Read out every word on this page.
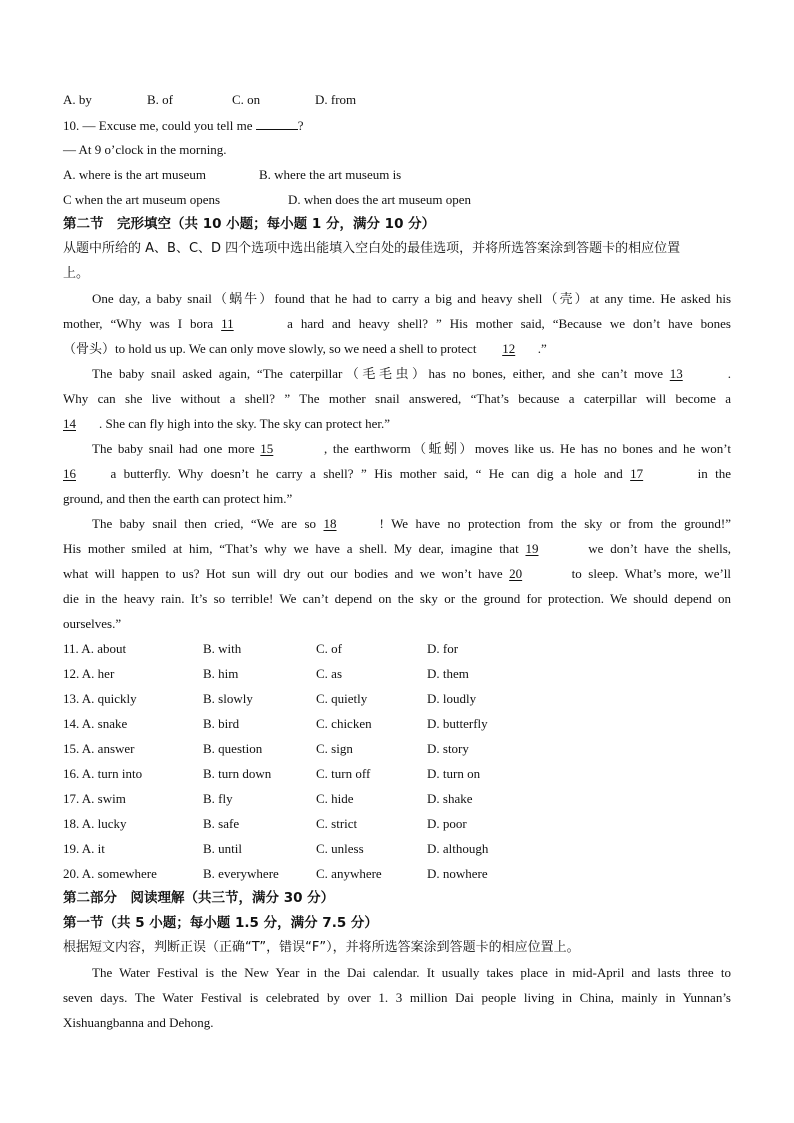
A. by	B. of	C. on	D. from
10. — Excuse me, could you tell me	?
— At 9 o’clock in the morning.
A. where is the art museum	B. where the art museum is
C when the art museum opens	D. when does the art museum open
第二节　完形填空（共 10 小题；每小题 1 分，满分 10 分）
从题中所给的 A、B、C、D 四个选项中选出能填入空白处的最佳选项，并将所选答案涂到答题卡的相应位置
上。
One day, a baby snail（蜗牛）found that he had to carry a big and heavy shell（壳）at any time. He asked his
mother, “Why was I bora 11	a hard and heavy shell? ” His mother said, “Because we don’t have bones
（骨头）to hold us up. We can only move slowly, so we need a shell to protect 12 .”
The baby snail asked again, “The caterpillar（毛毛虫）has no bones, either, and she can’t move 13	.
Why can she live without a shell? ” The mother snail answered, “That’s because a caterpillar will become a
14 . She can fly high into the sky. The sky can protect her.”
The baby snail had one more 15	, the earthworm（蚯蚓）moves like us. He has no bones and he won’t
16	a butterfly. Why doesn’t he carry a shell? ” His mother said, “ He can dig a hole and 17	in the
ground, and then the earth can protect him.”
The baby snail then cried, “We are so 18	! We have no protection from the sky or from the ground!”
His mother smiled at him, “That’s why we have a shell. My dear, imagine that 19	we don’t have the shells,
what will happen to us? Hot sun will dry out our bodies and we won’t have 20	to sleep. What’s more, we’ll
die in the heavy rain. It’s so terrible! We can’t depend on the sky or the ground for protection. We should depend on
ourselves.”
11. A. about	B. with	C. of	D. for
12. A. her	B. him	C. as	D. them
13. A. quickly	B. slowly	C. quietly	D. loudly
14. A. snake	B. bird	C. chicken	D. butterfly
15. A. answer	B. question	C. sign	D. story
16. A. turn into	B. turn down	C. turn off	D. turn on
17. A. swim	B. fly	C. hide	D. shake
18. A. lucky	B. safe	C. strict	D. poor
19. A. it	B. until	C. unless	D. although
20. A. somewhere	B. everywhere	C. anywhere	D. nowhere
第二部分　阅读理解（共三节，满分 30 分）
第一节（共 5 小题；每小题 1.5 分，满分 7.5 分）
根据短文内容，判断正误（正确“T”，错误“F”），并将所选答案涂到答题卡的相应位置上。
The Water Festival is the New Year in the Dai calendar. It usually takes place in mid-April and lasts three to
seven days. The Water Festival is celebrated by over 1. 3 million Dai people living in China, mainly in Yunnan’s
Xishuangbanna and Dehong.
